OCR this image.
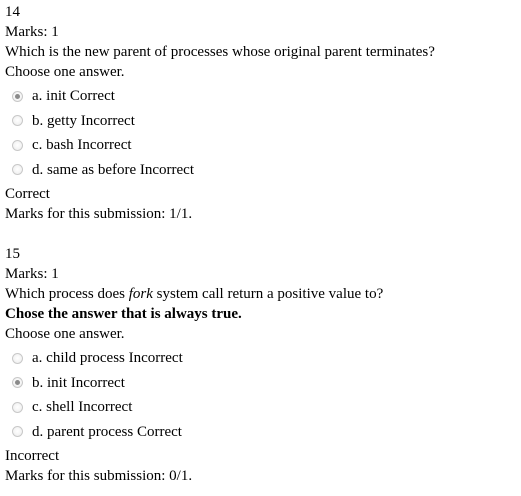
14
Marks: 1
Which is the new parent of processes whose original parent terminates?
Choose one answer.
a. init Correct
b. getty Incorrect
c. bash Incorrect
d. same as before Incorrect
Correct
Marks for this submission: 1/1.
15
Marks: 1
Which process does fork system call return a positive value to?
Chose the answer that is always true.
Choose one answer.
a. child process Incorrect
b. init Incorrect
c. shell Incorrect
d. parent process Correct
Incorrect
Marks for this submission: 0/1.
